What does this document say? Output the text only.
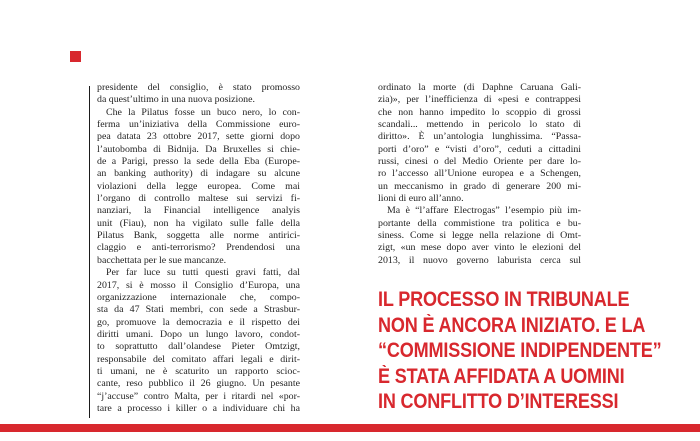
presidente del consiglio, è stato promosso
da quest’ultimo in una nuova posizione.
Che la Pilatus fosse un buco nero, lo con-
ferma un’iniziativa della Commissione euro-
pea datata 23 ottobre 2017, sette giorni dopo
l’autobomba di Bidnija. Da Bruxelles si chie-
de a Parigi, presso la sede della Eba (Europe-
an banking authority) di indagare su alcune
violazioni della legge europea. Come mai
l’organo di controllo maltese sui servizi fi-
nanziari, la Financial intelligence analyis
unit (Fiau), non ha vigilato sulle falle della
Pilatus Bank, soggetta alle norme antirici-
claggio e anti-terrorismo? Prendendosi una
bacchettata per le sue mancanze.
Per far luce su tutti questi gravi fatti, dal
2017, si è mosso il Consiglio d’Europa, una
organizzazione internazionale che, compo-
sta da 47 Stati membri, con sede a Strasbur-
go, promuove la democrazia e il rispetto dei
diritti umani. Dopo un lungo lavoro, condot-
to soprattutto dall’olandese Pieter Omtzigt,
responsabile del comitato affari legali e dirit-
ti umani, ne è scaturito un rapporto scioc-
cante, reso pubblico il 26 giugno. Un pesante
“j’accuse” contro Malta, per i ritardi nel «por-
tare a processo i killer o a individuare chi ha
ordinato la morte (di Daphne Caruana Gali-
zia)», per l’inefficienza di «pesi e contrappesi
che non hanno impedito lo scoppio di grossi
scandali... mettendo in pericolo lo stato di
diritto». È un’antologia lunghissima. “Passa-
porti d’oro” e “visti d’oro”, ceduti a cittadini
russi, cinesi o del Medio Oriente per dare lo-
ro l’accesso all’Unione europea e a Schengen,
un meccanismo in grado di generare 200 mi-
lioni di euro all’anno.
Ma è “l’affare Electrogas” l’esempio più im-
portante della commistione tra politica e bu-
siness. Come si legge nella relazione di Omt-
zigt, «un mese dopo aver vinto le elezioni del
2013, il nuovo governo laburista cerca sul
IL PROCESSO IN TRIBUNALE
NON È ANCORA INIZIATO. E LA
“COMMISSIONE INDIPENDENTE”
È STATA AFFIDATA A UOMINI
IN CONFLITTO D’INTERESSI
